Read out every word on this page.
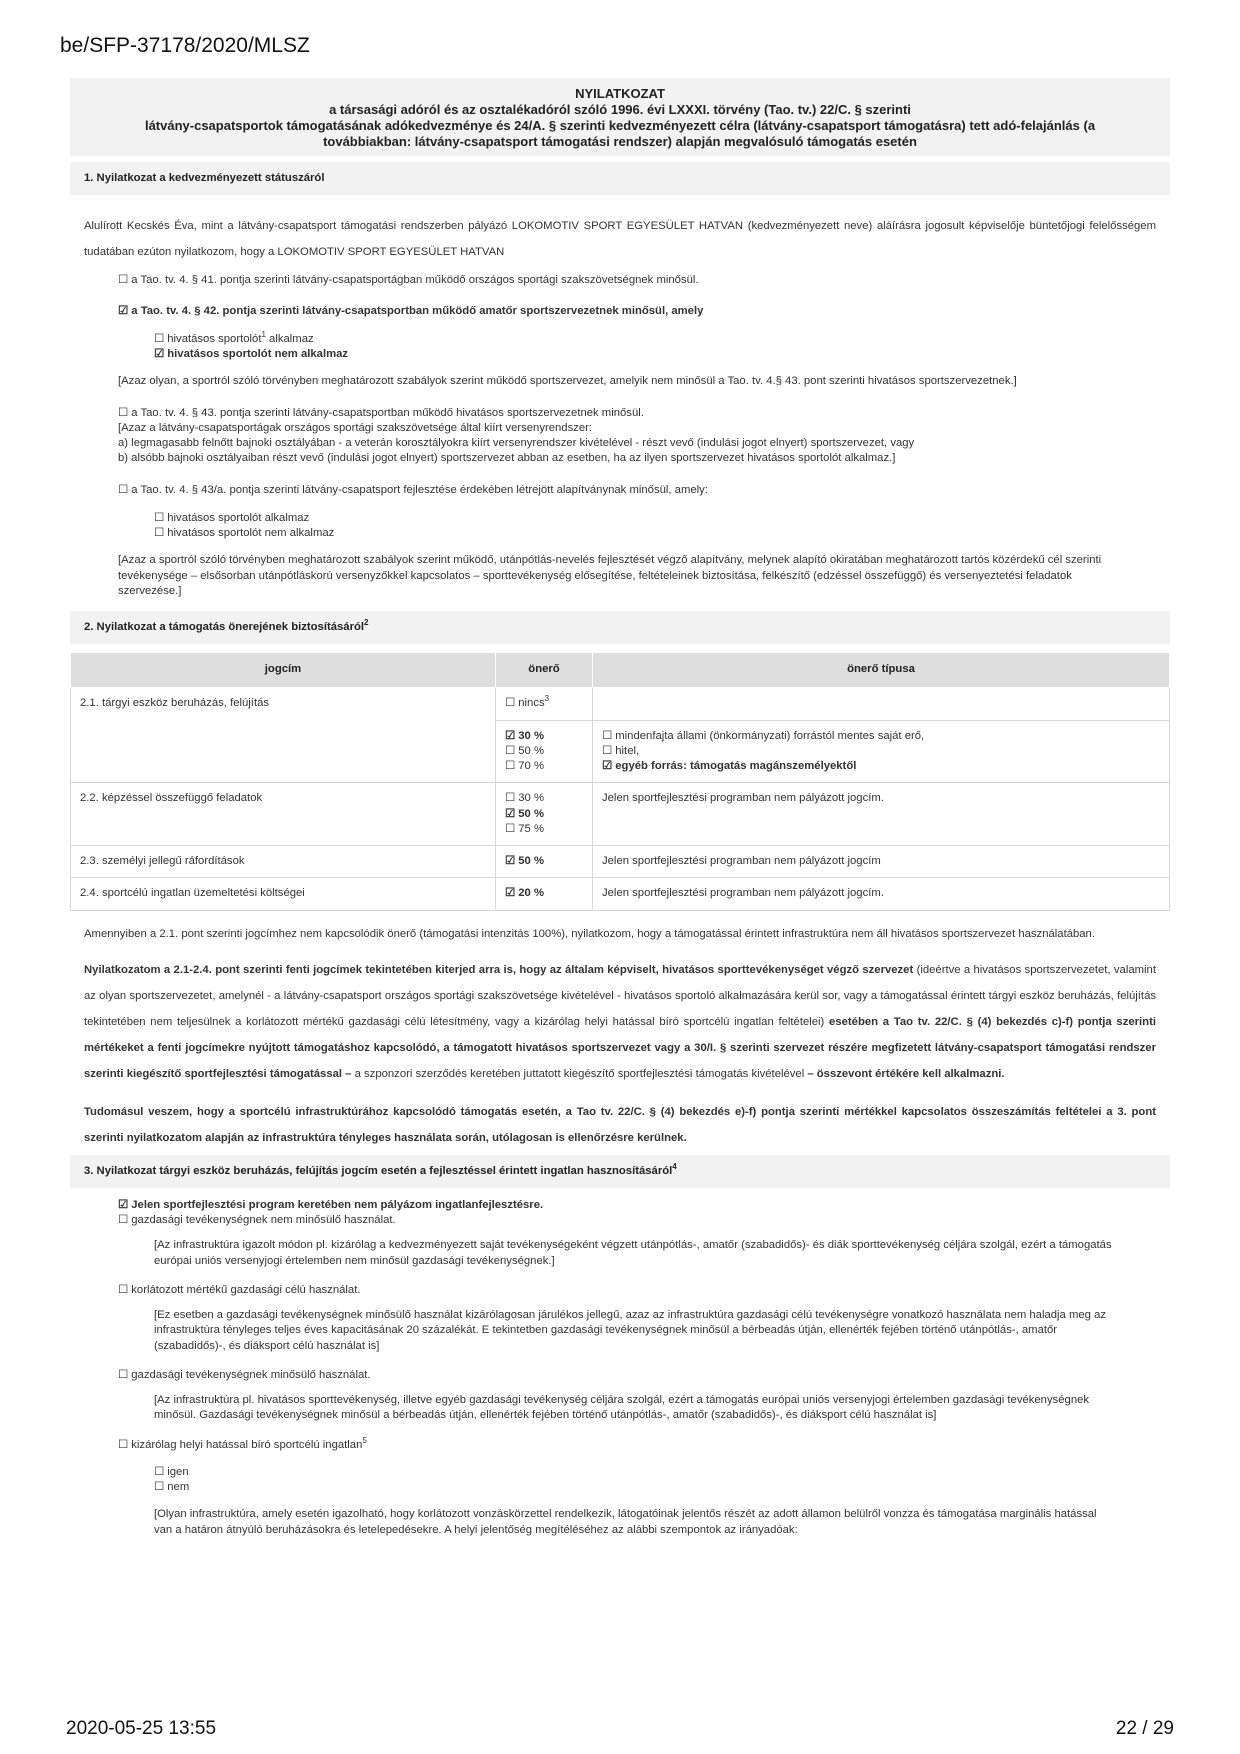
be/SFP-37178/2020/MLSZ
NYILATKOZAT
a társasági adóról és az osztalékadóról szóló 1996. évi LXXXI. törvény (Tao. tv.) 22/C. § szerinti
látvány-csapatsportok támogatásának adókedvezménye és 24/A. § szerinti kedvezményezett célra (látvány-csapatsport támogatásra) tett adó-felajánlás (a
továbbiakban: látvány-csapatsport támogatási rendszer) alapján megvalósuló támogatás esetén
1. Nyilatkozat a kedvezményezett státuszáról
Alulírott Kecskés Éva, mint a látvány-csapatsport támogatási rendszerben pályázó LOKOMOTIV SPORT EGYESÜLET HATVAN (kedvezményezett neve) aláírásra jogosult képviselője büntetőjogi felelősségem tudatában ezúton nyilatkozom, hogy a LOKOMOTIV SPORT EGYESÜLET HATVAN
☐ a Tao. tv. 4. § 41. pontja szerinti látvány-csapatsportágban működő országos sportági szakszövetségnek minősül.
☑ a Tao. tv. 4. § 42. pontja szerinti látvány-csapatsportban működő amatőr sportszervezetnek minősül, amely
☐ hivatásos sportolót$^1$ alkalmaz
☑ hivatásos sportolót nem alkalmaz
[Azaz olyan, a sportról szóló törvényben meghatározott szabályok szerint működő sportszervezet, amelyik nem minősül a Tao. tv. 4.§ 43. pont szerinti hivatásos sportszervezetnek.]
☐ a Tao. tv. 4. § 43. pontja szerinti látvány-csapatsportban működő hivatásos sportszervezetnek minősül.
[Azaz a látvány-csapatsportágak országos sportági szakszövetsége által kiírt versenyrendszer:
a) legmagasabb felnőtt bajnoki osztályában - a veterán korosztályokra kiírt versenyrendszer kivételével - részt vevő (indulási jogot elnyert) sportszervezet, vagy
b) alsóbb bajnoki osztályaiban részt vevő (indulási jogot elnyert) sportszervezet abban az esetben, ha az ilyen sportszervezet hivatásos sportolót alkalmaz.]
☐ a Tao. tv. 4. § 43/a. pontja szerinti látvány-csapatsport fejlesztése érdekében létrejött alapítványnak minősül, amely:
☐ hivatásos sportolót alkalmaz
☐ hivatásos sportolót nem alkalmaz
[Azaz a sportról szóló törvényben meghatározott szabályok szerint működő, utánpótlás-nevelés fejlesztését végző alapítvány, melynek alapító okiratában meghatározott tartós közérdekű cél szerinti tevékenysége – elsősorban utánpótláskorú versenyzőkkel kapcsolatos – sporttevékenység elősegítése, feltételeinek biztosítása, felkészítő (edzéssel összefüggő) és versenyeztetési feladatok szervezése.]
2. Nyilatkozat a támogatás önerejének biztosításáról$^2$
jogcím	önerő	önerő típusa
2.1. tárgyi eszköz beruházás, felújítás	☐ nincs$^3$	

	☑ 30 %
☐ 50 %
☐ 70 %	☐ mindenfajta állami (önkormányzati) forrástól mentes saját erő,
☐ hitel,
☑ egyéb forrás: támogatás magánszemélyektől

2.2. képzéssel összefüggő feladatok	☐ 30 %
☑ 50 %
☐ 75 %	Jelen sportfejlesztési programban nem pályázott jogcím.
2.3. személyi jellegű ráfordítások	☑ 50 %	Jelen sportfejlesztési programban nem pályázott jogcím
2.4. sportcélú ingatlan üzemeltetési költségei	☑ 20 %	Jelen sportfejlesztési programban nem pályázott jogcím.
Amennyiben a 2.1. pont szerinti jogcímhez nem kapcsolódik önerő (támogatási intenzitás 100%), nyilatkozom, hogy a támogatással érintett infrastruktúra nem áll hivatásos sportszervezet használatában.
Nyilatkozatom a 2.1-2.4. pont szerinti fenti jogcímek tekintetében kiterjed arra is, hogy az általam képviselt, hivatásos sporttevékenységet végző szervezet (ideértve a hivatásos sportszervezetet, valamint az olyan sportszervezetet, amelynél - a látvány-csapatsport országos sportági szakszövetsége kivételével - hivatásos sportoló alkalmazására kerül sor, vagy a támogatással érintett tárgyi eszköz beruházás, felújítás tekintetében nem teljesülnek a korlátozott mértékű gazdasági célú létesítmény, vagy a kizárólag helyi hatással bíró sportcélú ingatlan feltételei) esetében a Tao tv. 22/C. § (4) bekezdés c)-f) pontja szerinti mértékeket a fenti jogcímekre nyújtott támogatáshoz kapcsolódó, a támogatott hivatásos sportszervezet vagy a 30/I. § szerinti szervezet részére megfizetett látvány-csapatsport támogatási rendszer szerinti kiegészítő sportfejlesztési támogatással – a szponzori szerződés keretében juttatott kiegészítő sportfejlesztési támogatás kivételével – összevont értékére kell alkalmazni.
Tudomásul veszem, hogy a sportcélú infrastruktúrához kapcsolódó támogatás esetén, a Tao tv. 22/C. § (4) bekezdés e)-f) pontja szerinti mértékkel kapcsolatos összeszámítás feltételei a 3. pont szerinti nyilatkozatom alapján az infrastruktúra tényleges használata során, utólagosan is ellenőrzésre kerülnek.
3. Nyilatkozat tárgyi eszköz beruházás, felújítás jogcím esetén a fejlesztéssel érintett ingatlan hasznosításáról$^4$
☑ Jelen sportfejlesztési program keretében nem pályázom ingatlanfejlesztésre.
☐ gazdasági tevékenységnek nem minősülő használat.
[Az infrastruktúra igazolt módon pl. kizárólag a kedvezményezett saját tevékenységeként végzett utánpótlás-, amatőr (szabadidős)- és diák sporttevékenység céljára szolgál, ezért a támogatás európai uniós versenyjogi értelemben nem minősül gazdasági tevékenységnek.]
☐ korlátozott mértékű gazdasági célú használat.
[Ez esetben a gazdasági tevékenységnek minősülő használat kizárólagosan járulékos jellegű, azaz az infrastruktúra gazdasági célú tevékenységre vonatkozó használata nem haladja meg az infrastruktúra tényleges teljes éves kapacitásának 20 százalékát. E tekintetben gazdasági tevékenységnek minősül a bérbeadás útján, ellenérték fejében történő utánpótlás-, amatőr (szabadidős)-, és diáksport célú használat is]
☐ gazdasági tevékenységnek minősülő használat.
[Az infrastruktúra pl. hivatásos sporttevékenység, illetve egyéb gazdasági tevékenység céljára szolgál, ezért a támogatás európai uniós versenyjogi értelemben gazdasági tevékenységnek minősül. Gazdasági tevékenységnek minősül a bérbeadás útján, ellenérték fejében történő utánpótlás-, amatőr (szabadidős)-, és diáksport célú használat is]
☐ kizárólag helyi hatással bíró sportcélú ingatlan$^5$
☐ igen
☐ nem
[Olyan infrastruktúra, amely esetén igazolható, hogy korlátozott vonzáskörzettel rendelkezik, látogatóinak jelentős részét az adott államon belülről vonzza és támogatása marginális hatással van a határon átnyúló beruházásokra és letelepedésekre. A helyi jelentőség megítéléséhez az alábbi szempontok az irányadóak:
2020-05-25 13:55	22 / 29
